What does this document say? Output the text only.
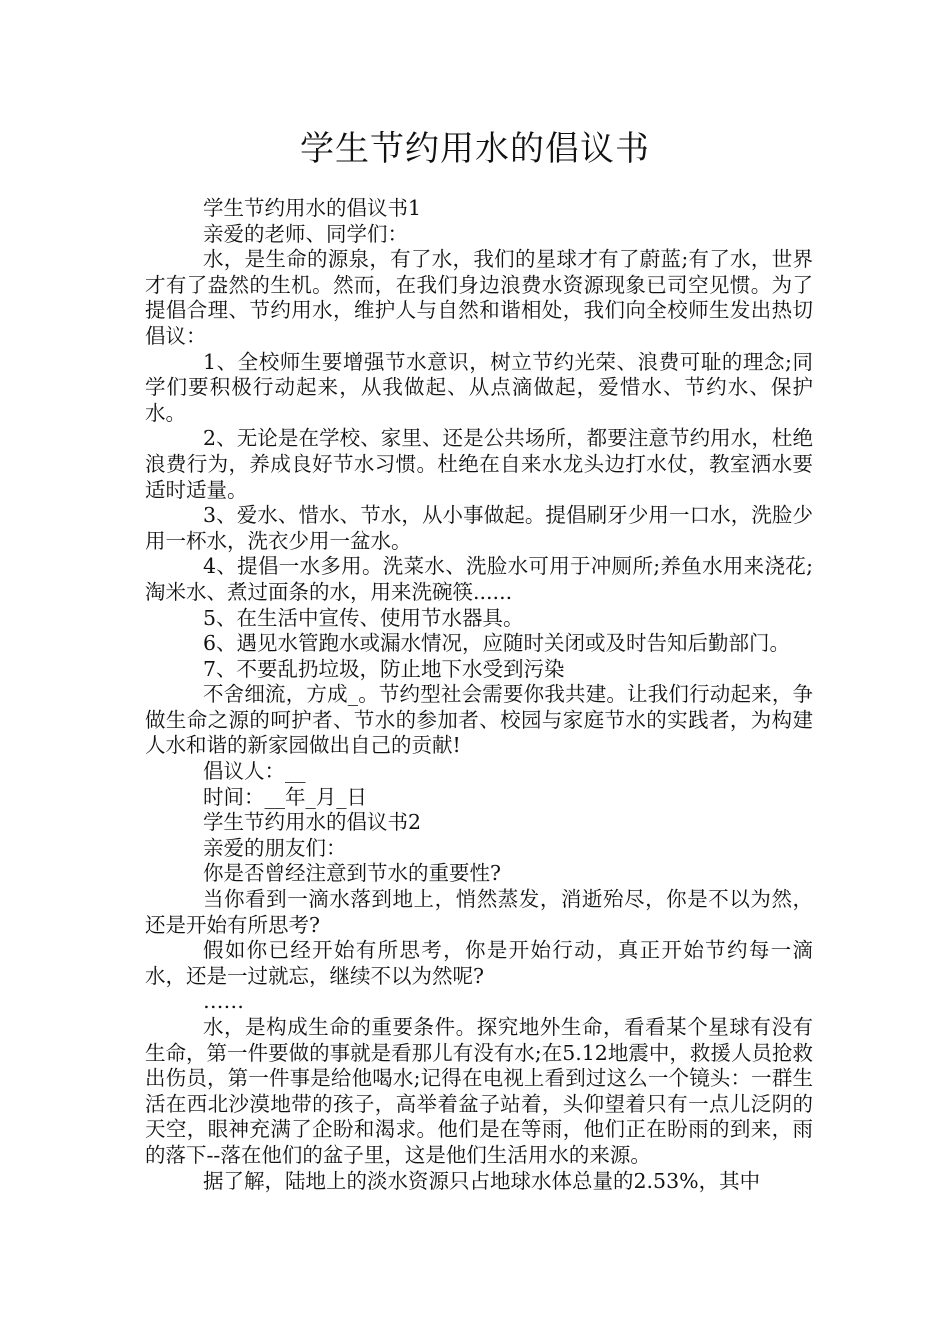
学生节约用水的倡议书

学生节约用水的倡议书1

亲爱的老师、同学们：

水，是生命的源泉，有了水，我们的星球才有了蔚蓝;有了水，世界才有了盎然的生机。然而，在我们身边浪费水资源现象已司空见惯。为了提倡合理、节约用水，维护人与自然和谐相处，我们向全校师生发出热切倡议：

1、全校师生要增强节水意识，树立节约光荣、浪费可耻的理念;同学们要积极行动起来，从我做起、从点滴做起，爱惜水、节约水、保护水。

2、无论是在学校、家里、还是公共场所，都要注意节约用水，杜绝浪费行为，养成良好节水习惯。杜绝在自来水龙头边打水仗，教室洒水要适时适量。

3、爱水、惜水、节水，从小事做起。提倡刷牙少用一口水，洗脸少用一杯水，洗衣少用一盆水。

4、提倡一水多用。洗菜水、洗脸水可用于冲厕所;养鱼水用来浇花;淘米水、煮过面条的水，用来洗碗筷......

5、在生活中宣传、使用节水器具。

6、遇见水管跑水或漏水情况，应随时关闭或及时告知后勤部门。

7、不要乱扔垃圾，防止地下水受到污染

不舍细流，方成_。节约型社会需要你我共建。让我们行动起来，争做生命之源的呵护者、节水的参加者、校园与家庭节水的实践者，为构建人水和谐的新家园做出自己的贡献!

倡议人：__

时间：__年_月_日

学生节约用水的倡议书2

亲爱的朋友们：

你是否曾经注意到节水的重要性?

当你看到一滴水落到地上，悄然蒸发，消逝殆尽，你是不以为然，还是开始有所思考?

假如你已经开始有所思考，你是开始行动，真正开始节约每一滴水，还是一过就忘，继续不以为然呢?

……

水，是构成生命的重要条件。探究地外生命，看看某个星球有没有生命，第一件要做的事就是看那儿有没有水;在5.12地震中，救援人员抢救出伤员，第一件事是给他喝水;记得在电视上看到过这么一个镜头：一群生活在西北沙漠地带的孩子，高举着盆子站着，头仰望着只有一点儿泛阴的天空，眼神充满了企盼和渴求。他们是在等雨，他们正在盼雨的到来，雨的落下--落在他们的盆子里，这是他们生活用水的来源。

据了解，陆地上的淡水资源只占地球水体总量的2.53%，其中
